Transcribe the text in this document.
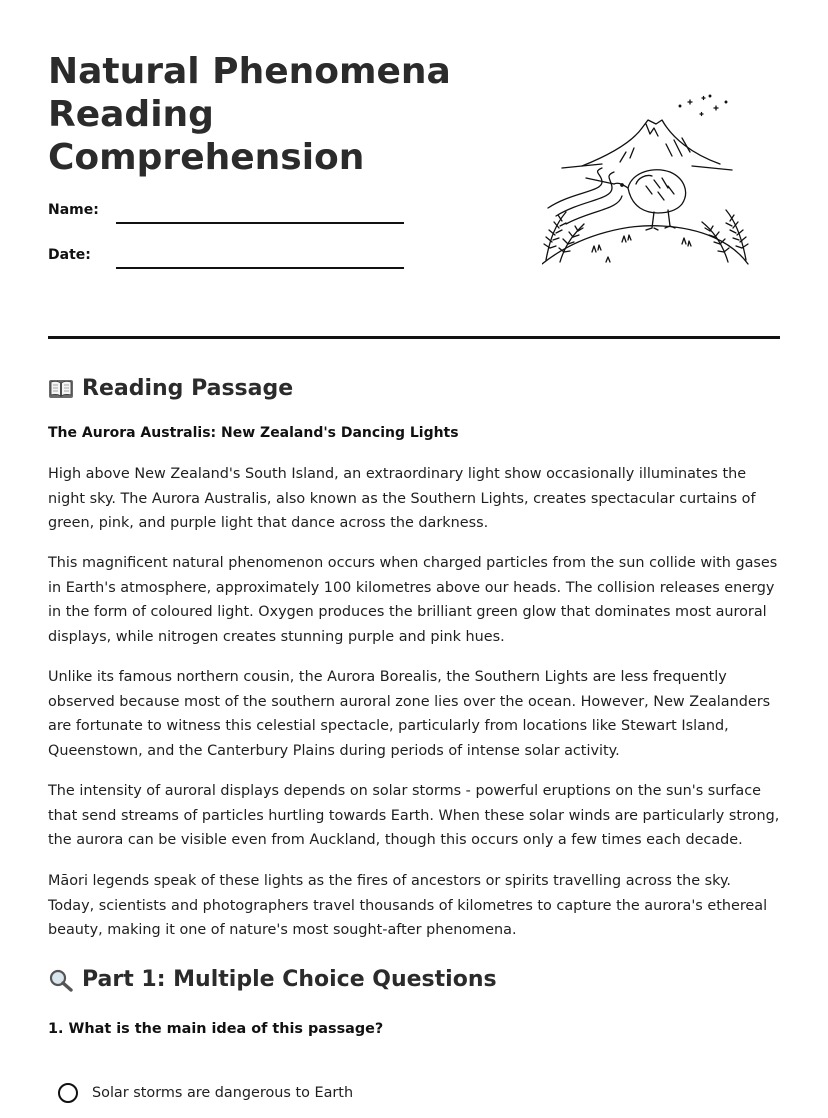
Natural Phenomena
Reading
Comprehension
Name:
Date:
Reading Passage

The Aurora Australis: New Zealand's Dancing Lights

High above New Zealand's South Island, an extraordinary light show occasionally illuminates the night sky. The Aurora Australis, also known as the Southern Lights, creates spectacular curtains of green, pink, and purple light that dance across the darkness.

This magnificent natural phenomenon occurs when charged particles from the sun collide with gases in Earth's atmosphere, approximately 100 kilometres above our heads. The collision releases energy in the form of coloured light. Oxygen produces the brilliant green glow that dominates most auroral displays, while nitrogen creates stunning purple and pink hues.

Unlike its famous northern cousin, the Aurora Borealis, the Southern Lights are less frequently observed because most of the southern auroral zone lies over the ocean. However, New Zealanders are fortunate to witness this celestial spectacle, particularly from locations like Stewart Island, Queenstown, and the Canterbury Plains during periods of intense solar activity.

The intensity of auroral displays depends on solar storms - powerful eruptions on the sun's surface that send streams of particles hurtling towards Earth. When these solar winds are particularly strong, the aurora can be visible even from Auckland, though this occurs only a few times each decade.

Māori legends speak of these lights as the fires of ancestors or spirits travelling across the sky. Today, scientists and photographers travel thousands of kilometres to capture the aurora's ethereal beauty, making it one of nature's most sought-after phenomena.

Part 1: Multiple Choice Questions

1. What is the main idea of this passage?

Solar storms are dangerous to Earth
